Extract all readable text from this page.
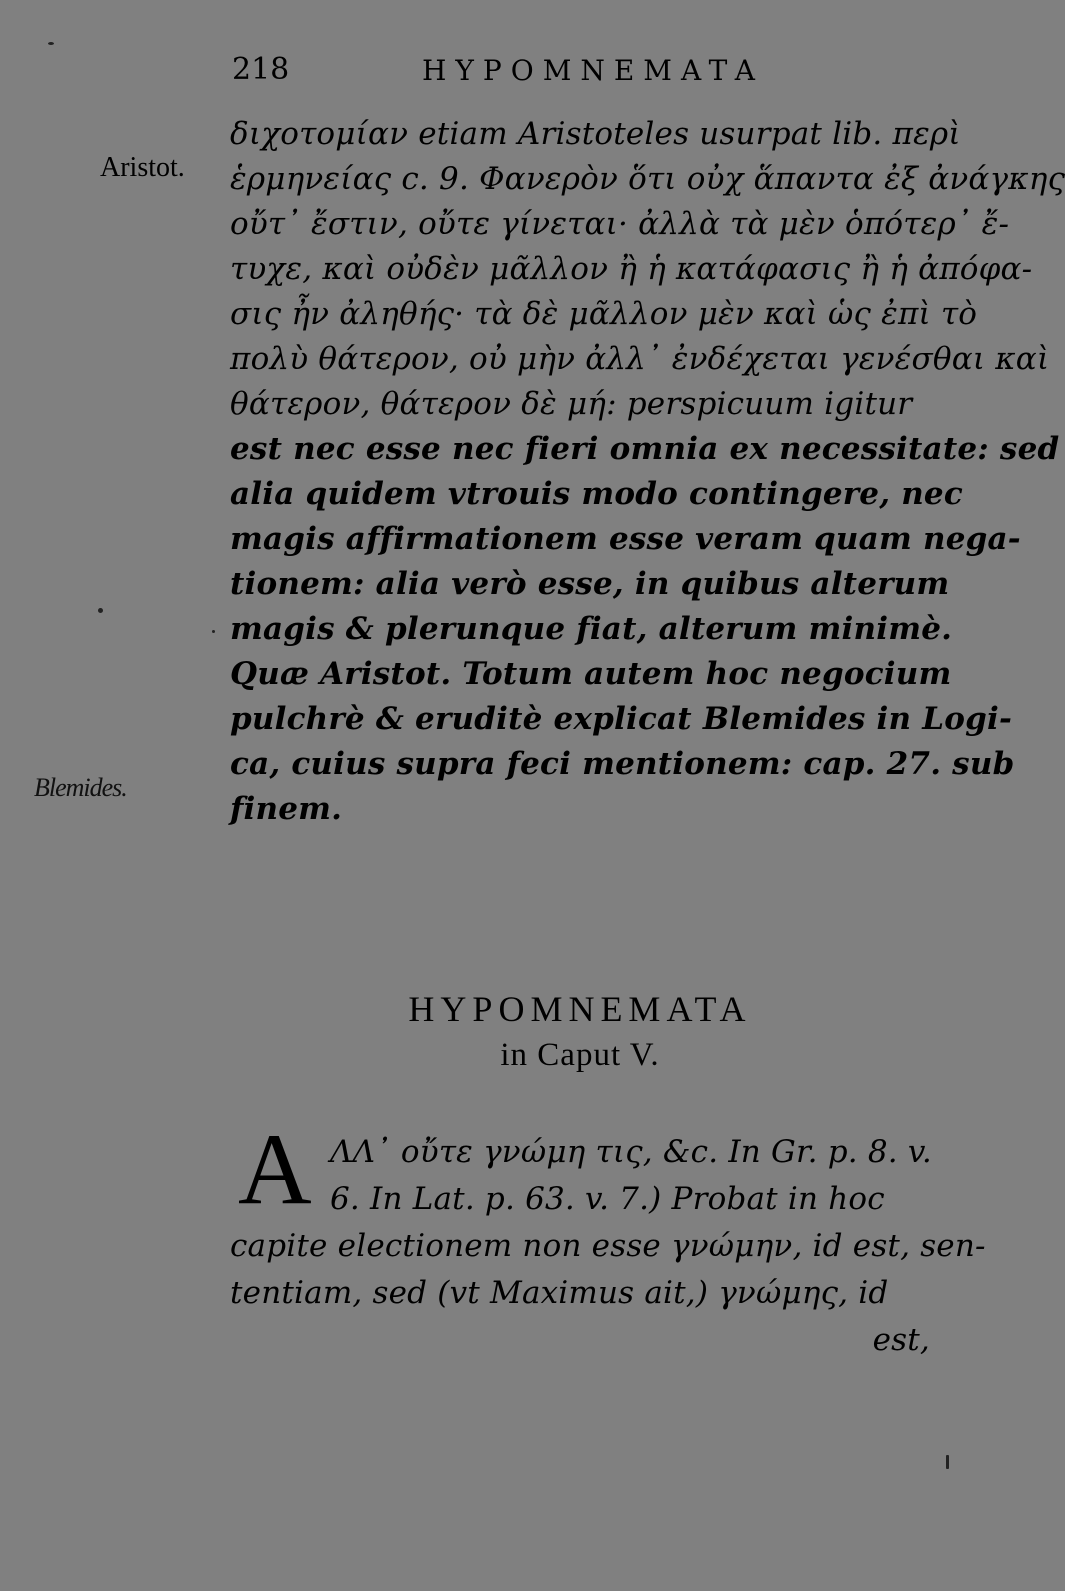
218	HYPOMNEMATA
Aristot.
Blemides.
διχοτομίαν etiam Aristoteles usurpat lib. περὶ
ἑρμηνείας c. 9. Φανερὸν ὅτι οὐχ ἅπαντα ἐξ ἀνάγκης
οὔτ᾽ ἔστιν, οὔτε γίνεται· ἀλλὰ τὰ μὲν ὁπότερ᾽ ἔ-
τυχε, καὶ οὐδὲν μᾶλλον ἢ ἡ κατάφασις ἢ ἡ ἀπόφα-
σις ἦν ἀληθής· τὰ δὲ μᾶλλον μὲν καὶ ὡς ἐπὶ τὸ
πολὺ θάτερον, οὐ μὴν ἀλλ᾽ ἐνδέχεται γενέσθαι καὶ
θάτερον, θάτερον δὲ μή: perspicuum igitur
est nec esse nec fieri omnia ex necessitate: sed
alia quidem vtrouis modo contingere, nec
magis affirmationem esse veram quam nega-
tionem: alia verò esse, in quibus alterum
magis & plerunque fiat, alterum minimè.
Quæ Aristot. Totum autem hoc negocium
pulchrè & eruditè explicat Blemides in Logi-
ca, cuius supra feci mentionem: cap. 27. sub
finem.
HYPOMNEMATA
in Caput V.
A ΛΛ᾽ οὔτε γνώμη τις, &c. In Gr. p. 8. v.
6. In Lat. p. 63. v. 7.) Probat in hoc
capite electionem non esse γνώμην, id est, sen-
tentiam, sed (vt Maximus ait,) γνώμης, id
est,
